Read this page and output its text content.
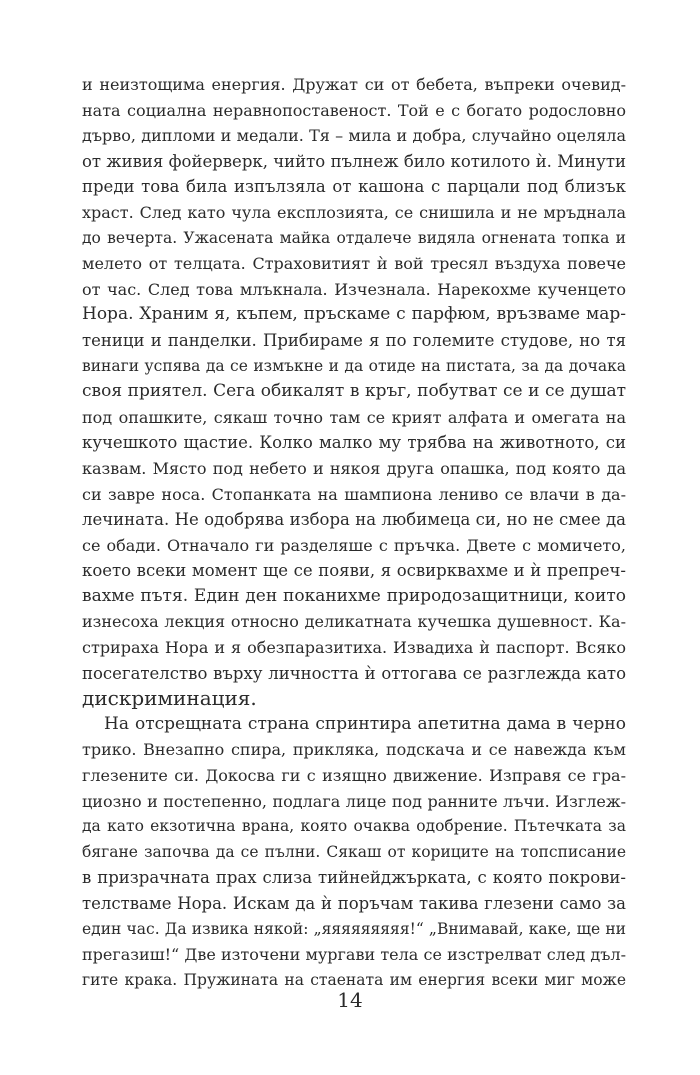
и неизтощима енергия. Дружат си от бебета, въпреки очевид-
ната социална неравнопоставеност. Той е с богато родословно
дърво, дипломи и медали. Тя – мила и добра, случайно оцеляла
от живия фойерверк, чийто пълнеж било котилото ѝ. Минути
преди това била изпълзяла от кашона с парцали под близък
храст. След като чула експлозията, се снишила и не мръднала
до вечерта. Ужасената майка отдалече видяла огнената топка и
мелето от телцата. Страховитият ѝ вой тресял въздуха повече
от час. След това млъкнала. Изчезнала. Нарекохме кученцето
Нора. Храним я, къпем, пръскаме с парфюм, връзваме мар-
теници и панделки. Прибираме я по големите студове, но тя
винаги успява да се измъкне и да отиде на пистата, за да дочака
своя приятел. Сега обикалят в кръг, побутват се и се душат
под опашките, сякаш точно там се крият алфата и омегата на
кучешкото щастие. Колко малко му трябва на животното, си
казвам. Място под небето и някоя друга опашка, под която да
си завре носа. Стопанката на шампиона лениво се влачи в да-
лечината. Не одобрява избора на любимеца си, но не смее да
се обади. Отначало ги разделяше с пръчка. Двете с момичето,
което всеки момент ще се появи, я освирквахме и ѝ препреч-
вахме пътя. Един ден поканихме природозащитници, които
изнесоха лекция относно деликатната кучешка душевност. Ка-
стрираха Нора и я обезпаразитиха. Извадиха ѝ паспорт. Всяко
посегателство върху личността ѝ оттогава се разглежда като
дискриминация.
На отсрещната страна спринтира апетитна дама в черно
трико. Внезапно спира, приклякa, подскача и се навежда към
глезените си. Докосва ги с изящно движение. Изправя се гра-
циозно и постепенно, подлага лице под ранните лъчи. Изглеж-
да като екзотична врана, която очаква одобрение. Пътечката за
бягане започва да се пълни. Сякаш от кориците на топсписание
в призрачната прах слиза тийнейджърката, с която покрови-
телстваме Нора. Искам да ѝ поръчам такива глезени само за
един час. Да извика някой: „яяяяяяяяя!“ „Внимавай, каке, ще ни
прегазиш!“ Две източени мургави тела се изстрелват след дъл-
гите крака. Пружината на стаената им енергия всеки миг може
14
